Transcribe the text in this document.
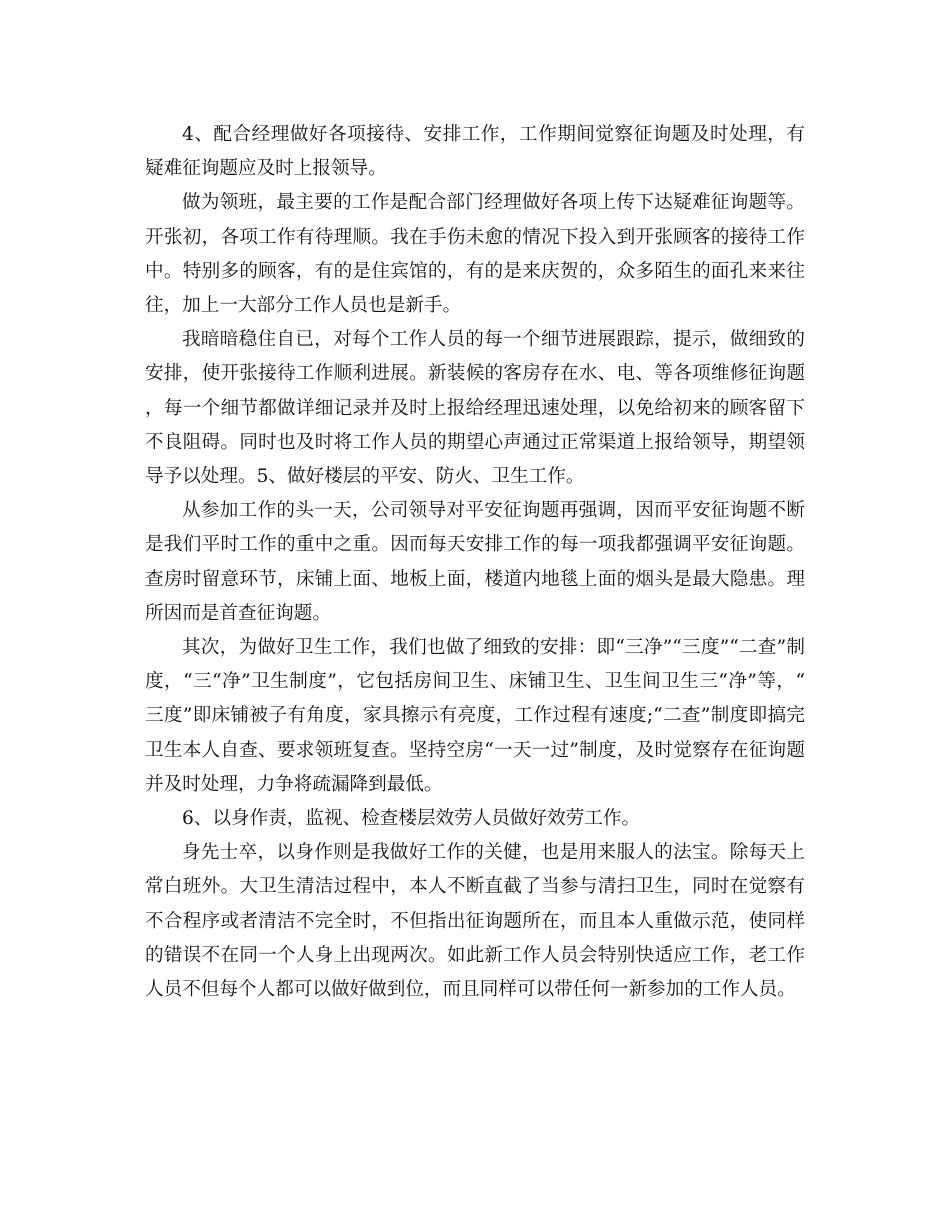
4、配合经理做好各项接待、安排工作，工作期间觉察征询题及时处理，有疑难征询题应及时上报领导。

做为领班，最主要的工作是配合部门经理做好各项上传下达疑难征询题等。开张初，各项工作有待理顺。我在手伤未愈的情况下投入到开张顾客的接待工作中。特别多的顾客，有的是住宾馆的，有的是来庆贺的，众多陌生的面孔来来往往，加上一大部分工作人员也是新手。

我暗暗稳住自已，对每个工作人员的每一个细节进展跟踪，提示，做细致的安排，使开张接待工作顺利进展。新装候的客房存在水、电、等各项维修征询题，每一个细节都做详细记录并及时上报给经理迅速处理，以免给初来的顾客留下不良阻碍。同时也及时将工作人员的期望心声通过正常渠道上报给领导，期望领导予以处理。5、做好楼层的平安、防火、卫生工作。

从参加工作的头一天，公司领导对平安征询题再强调，因而平安征询题不断是我们平时工作的重中之重。因而每天安排工作的每一项我都强调平安征询题。查房时留意环节，床铺上面、地板上面，楼道内地毯上面的烟头是最大隐患。理所因而是首查征询题。

其次，为做好卫生工作，我们也做了细致的安排：即“三净”“三度”“二查”制度，“三“净”卫生制度”，它包括房间卫生、床铺卫生、卫生间卫生三“净”等，“三度”即床铺被子有角度，家具擦示有亮度，工作过程有速度;“二查”制度即搞完卫生本人自查、要求领班复查。坚持空房“一天一过”制度，及时觉察存在征询题并及时处理，力争将疏漏降到最低。

6、以身作责，监视、检查楼层效劳人员做好效劳工作。

身先士卒，以身作则是我做好工作的关健，也是用来服人的法宝。除每天上常白班外。大卫生清洁过程中，本人不断直截了当参与清扫卫生，同时在觉察有不合程序或者清洁不完全时，不但指出征询题所在，而且本人重做示范，使同样的错误不在同一个人身上出现两次。如此新工作人员会特别快适应工作，老工作人员不但每个人都可以做好做到位，而且同样可以带任何一新参加的工作人员。
